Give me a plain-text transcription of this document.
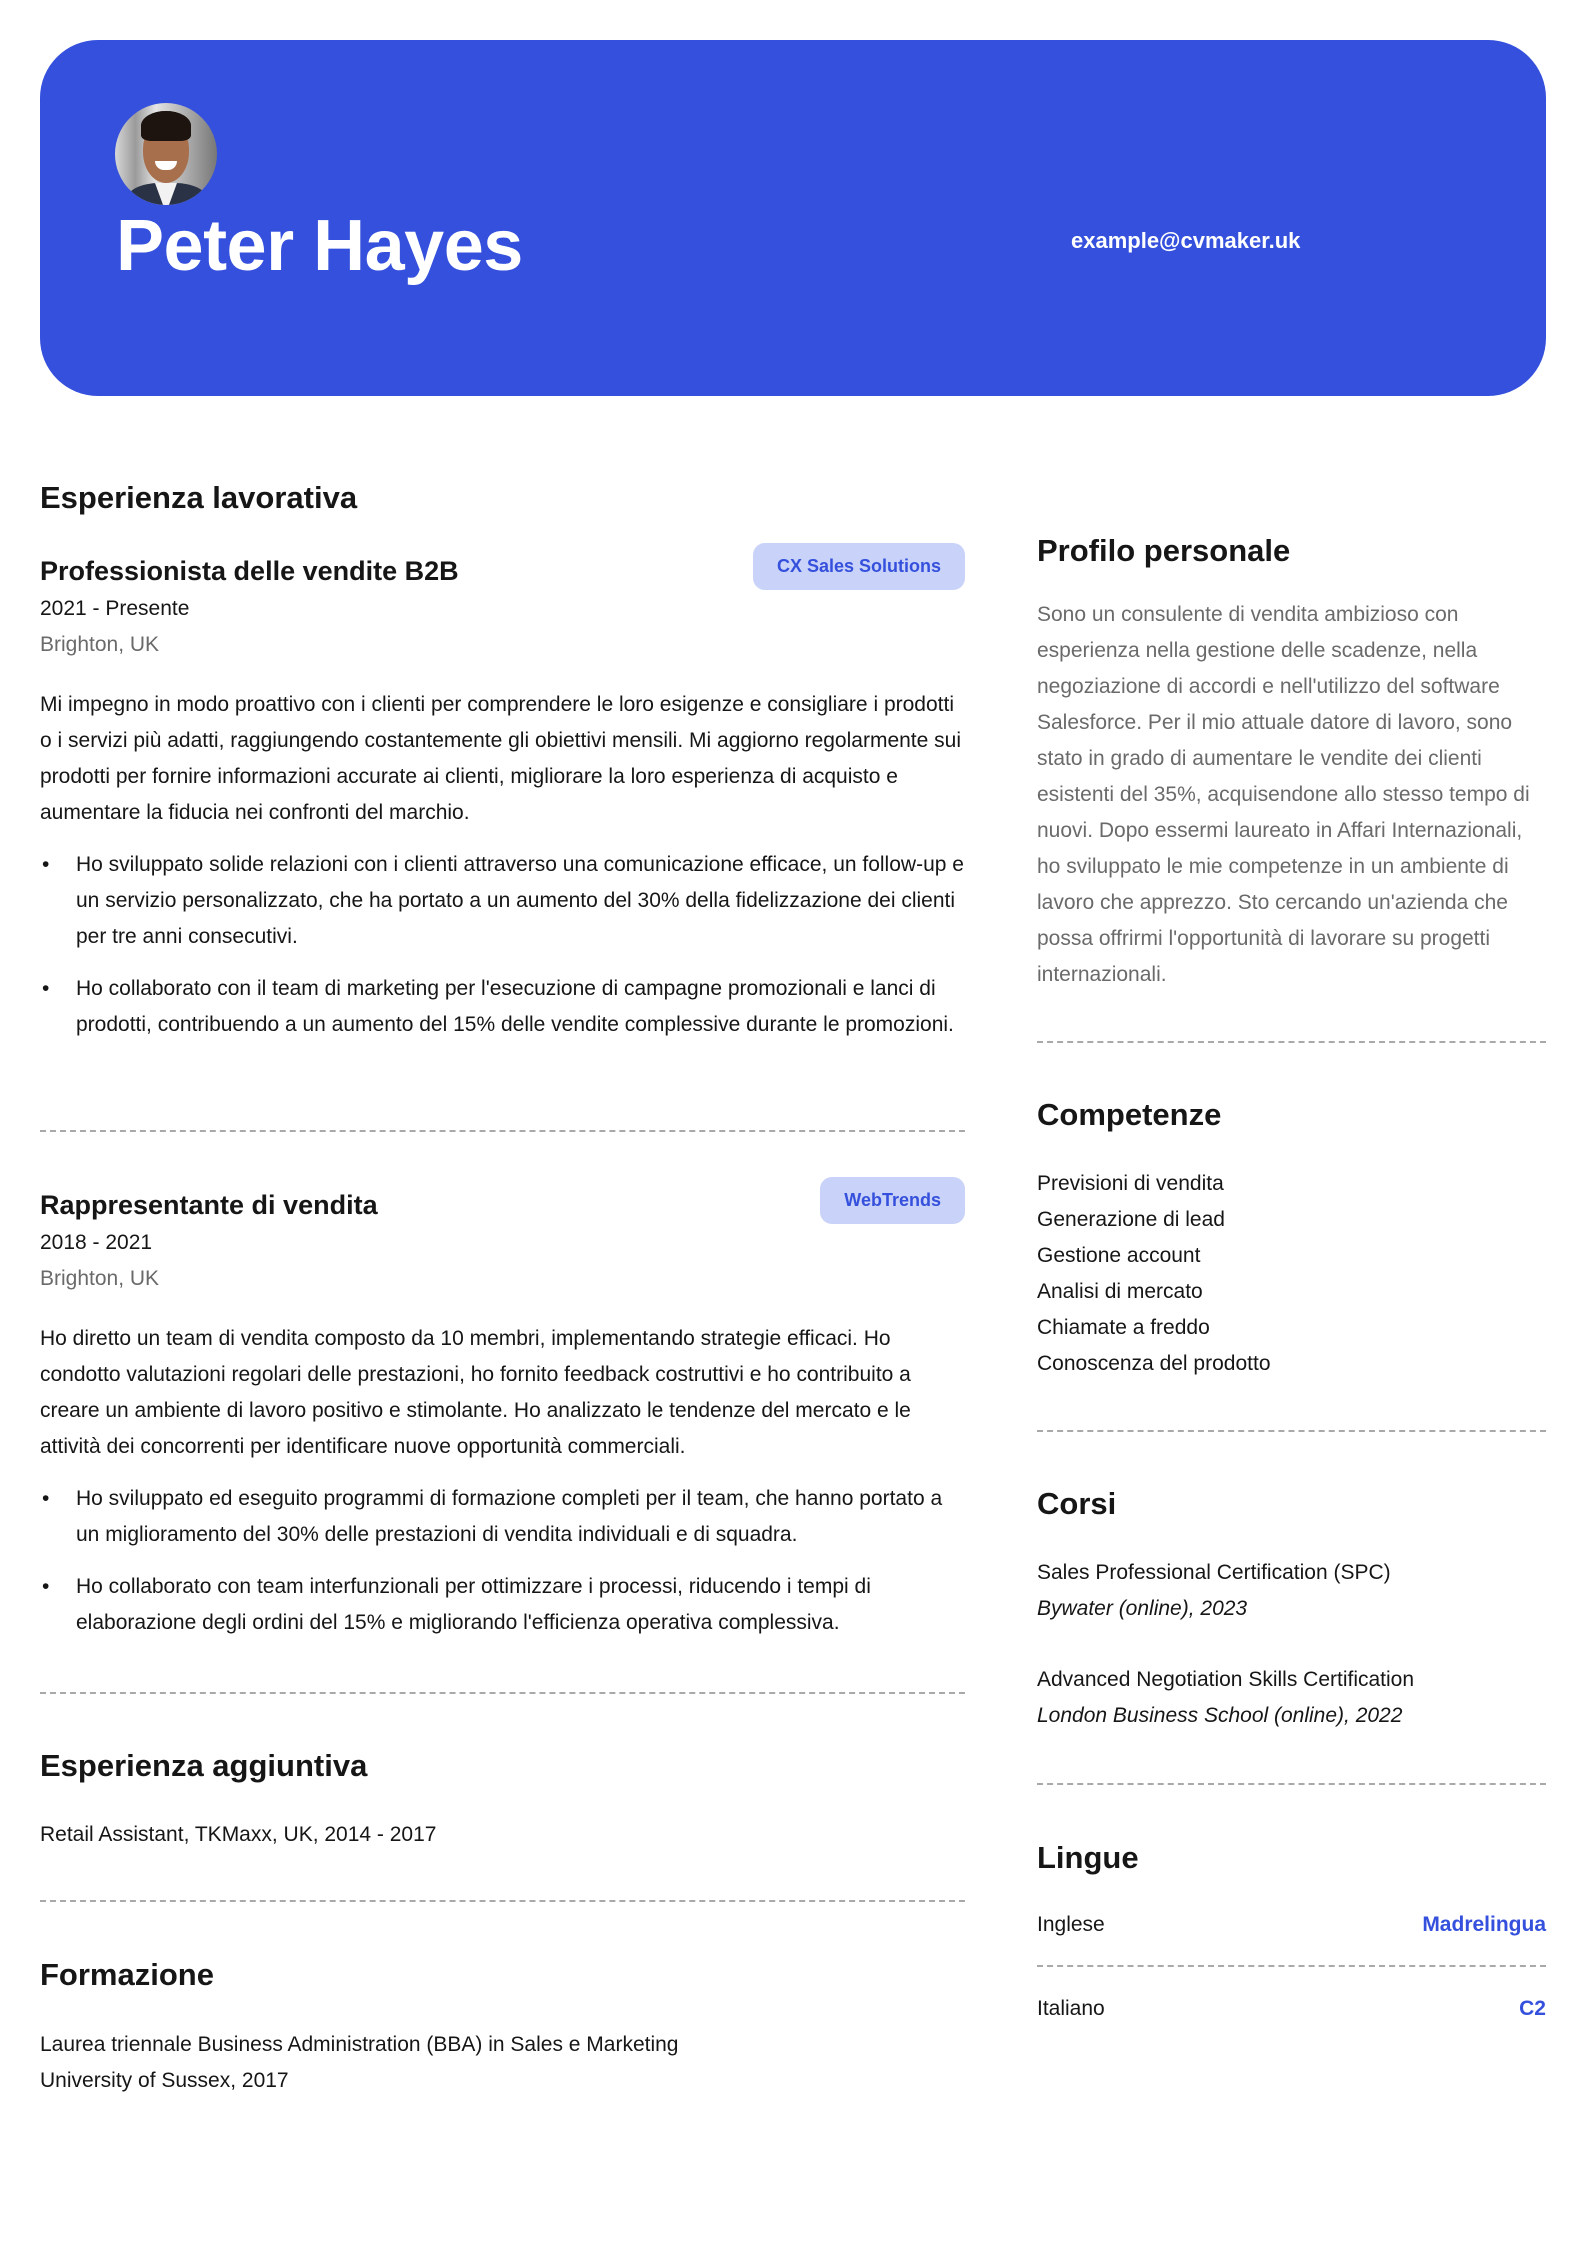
Peter Hayes	example@cvmaker.uk
Esperienza lavorativa
Professionista delle vendite B2B	CX Sales Solutions
2021 - Presente
Brighton, UK
Mi impegno in modo proattivo con i clienti per comprendere le loro esigenze e consigliare i prodotti o i servizi più adatti, raggiungendo costantemente gli obiettivi mensili. Mi aggiorno regolarmente sui prodotti per fornire informazioni accurate ai clienti, migliorare la loro esperienza di acquisto e aumentare la fiducia nei confronti del marchio.
• Ho sviluppato solide relazioni con i clienti attraverso una comunicazione efficace, un follow-up e un servizio personalizzato, che ha portato a un aumento del 30% della fidelizzazione dei clienti per tre anni consecutivi.
• Ho collaborato con il team di marketing per l'esecuzione di campagne promozionali e lanci di prodotti, contribuendo a un aumento del 15% delle vendite complessive durante le promozioni.
Rappresentante di vendita	WebTrends
2018 - 2021
Brighton, UK
Ho diretto un team di vendita composto da 10 membri, implementando strategie efficaci. Ho condotto valutazioni regolari delle prestazioni, ho fornito feedback costruttivi e ho contribuito a creare un ambiente di lavoro positivo e stimolante. Ho analizzato le tendenze del mercato e le attività dei concorrenti per identificare nuove opportunità commerciali.
• Ho sviluppato ed eseguito programmi di formazione completi per il team, che hanno portato a un miglioramento del 30% delle prestazioni di vendita individuali e di squadra.
• Ho collaborato con team interfunzionali per ottimizzare i processi, riducendo i tempi di elaborazione degli ordini del 15% e migliorando l'efficienza operativa complessiva.
Esperienza aggiuntiva
Retail Assistant, TKMaxx, UK, 2014 - 2017
Formazione
Laurea triennale Business Administration (BBA) in Sales e Marketing
University of Sussex, 2017
Profilo personale
Sono un consulente di vendita ambizioso con esperienza nella gestione delle scadenze, nella negoziazione di accordi e nell'utilizzo del software Salesforce. Per il mio attuale datore di lavoro, sono stato in grado di aumentare le vendite dei clienti esistenti del 35%, acquisendone allo stesso tempo di nuovi. Dopo essermi laureato in Affari Internazionali, ho sviluppato le mie competenze in un ambiente di lavoro che apprezzo. Sto cercando un'azienda che possa offrirmi l'opportunità di lavorare su progetti internazionali.
Competenze
Previsioni di vendita
Generazione di lead
Gestione account
Analisi di mercato
Chiamate a freddo
Conoscenza del prodotto
Corsi
Sales Professional Certification (SPC)
Bywater (online), 2023
Advanced Negotiation Skills Certification
London Business School (online), 2022
Lingue
Inglese	Madrelingua
Italiano	C2
